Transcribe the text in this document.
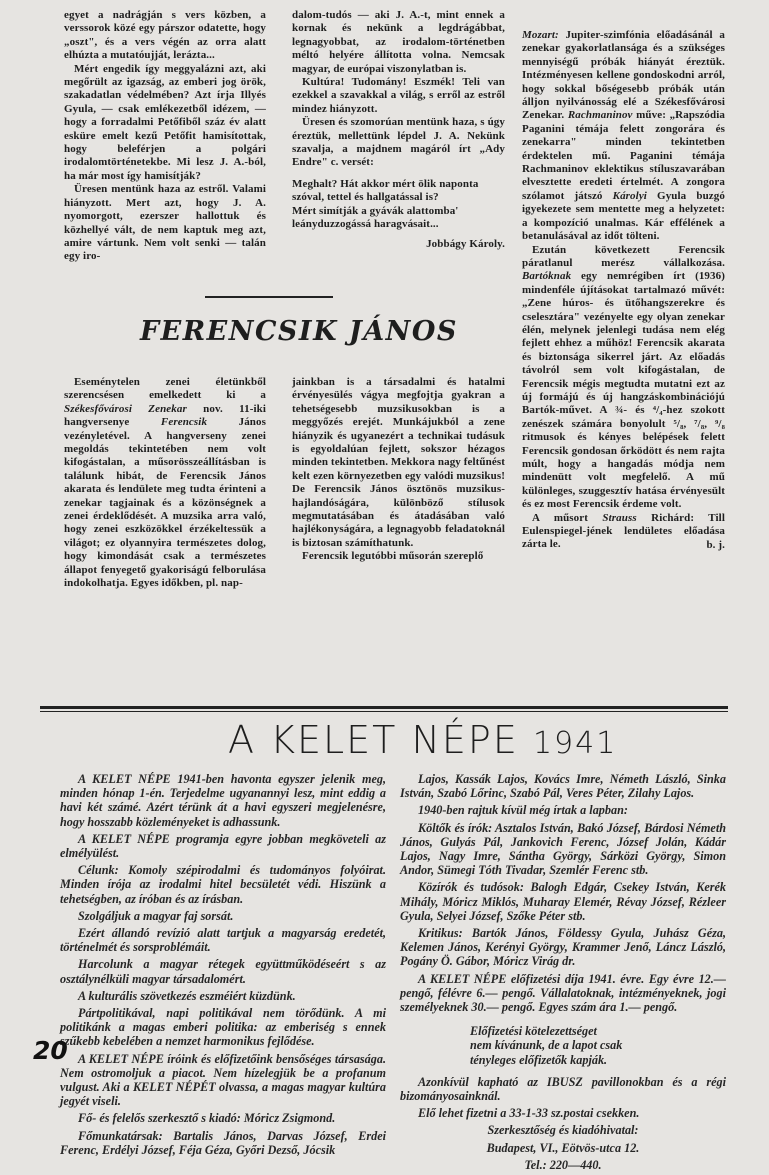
egyet a nadrágján s vers közben, a verssorok közé egy párszor odatette, hogy „oszt", és a vers végén az orra alatt elhúzta a mutatóujját, lerázta...

Mért engedik így meggyalázni azt, aki megőrült az igazság, az emberi jog örök, szakadatlan védelmében? Azt írja Illyés Gyula, — csak emlékezetből idézem, — hogy a forradalmi Petőfiből száz év alatt esküre emelt kezű Petőfit hamisítottak, hogy beleférjen a polgári irodalomtörténetekbe. Mi lesz J. A.-ból, ha már most így hamisítják?

Üresen mentünk haza az estről. Valami hiányzott. Mert azt, hogy J. A. nyomorgott, ezerszer hallottuk és közhellyé vált, de nem kaptuk meg azt, amire vártunk. Nem volt senki — talán egy iro-

dalom-tudós — aki J. A.-t, mint ennek a kornak és nekünk a legdrágábbat, legnagyobbat, az irodalom-történetben méltó helyére állította volna. Nemcsak magyar, de európai viszonylatban is.

Kultúra! Tudomány! Eszmék! Teli van ezekkel a szavakkal a világ, s erről az estről mindez hiányzott.

Üresen és szomorúan mentünk haza, s úgy éreztük, mellettünk lépdel J. A. Nekünk szavalja, a majdnem magáról írt „Ady Endre" c. versét:

Meghalt? Hát akkor mért ölik naponta
szóval, tettel és hallgatással is?
Mért simítják a gyávák alattomba'
leányduzzogássá haragvásait...
Jobbágy Károly.
FERENCSIK JÁNOS

Eseménytelen zenei életünkből szerencsésen emelkedett ki a Székesfővárosi Zenekar nov. 11-iki hangversenye Ferencsik János vezényletével. A hangverseny zenei megoldás tekintetében nem volt kifogástalan, a műsorösszeállításban is találunk hibát, de Ferencsik János akarata és lendülete meg tudta érinteni a zenekar tagjainak és a közönségnek a zenei érdeklődését. A muzsika arra való, hogy zenei eszközökkel érzékeltessük a világot; ez olyannyira természetes dolog, hogy kimondását csak a természetes állapot fenyegető gyakoriságú felborulása indokolhatja. Egyes időkben, pl. nap-

jainkban is a társadalmi és hatalmi érvényesülés vágya megfojtja gyakran a tehetségesebb muzsikusokban is a meggyőzés erejét. Munkájukból a zene hiányzik és ugyanezért a technikai tudásuk is egyoldalúan fejlett, sokszor hézagos minden tekintetben. Mekkora nagy feltűnést kelt ezen környezetben egy valódi muzsikus! De Ferencsik János ösztönös muzsikus-hajlandóságára, különböző stílusok megmutatásában és átadásában való hajlékonyságára, a legnagyobb feladatoknál is biztosan számíthatunk.

Ferencsik legutóbbi műsorán szereplő

Mozart: Jupiter-szimfónia előadásánál a zenekar gyakorlatlansága és a szükséges mennyiségű próbák hiányát éreztük. Intézményesen kellene gondoskodni arról, hogy sokkal bőségesebb próbák után álljon nyilvánosság elé a Székesfővárosi Zenekar. Rachmaninov műve: „Rapszódia Paganini témája felett zongorára és zenekarra" minden tekintetben érdektelen mű. Paganini témája Rachmaninov eklektikus stíluszavarában elvesztette eredeti értelmét. A zongora szólamot játszó Károlyi Gyula buzgó igyekezete sem mentette meg a helyzetet: a kompozíció unalmas. Kár effélének a betanulásával az időt tölteni.

Ezután következett Ferencsik páratlanul merész vállalkozása. Bartóknak egy nemrégiben írt (1936) mindenféle újításokat tartalmazó művét: „Zene húros- és ütőhangszerekre és cselesztára" vezényelte egy olyan zenekar élén, melynek jelenlegi tudása nem elég fejlett ehhez a műhöz! Ferencsik akarata és biztonsága sikerrel járt. Az előadás távolról sem volt kifogástalan, de Ferencsik mégis megtudta mutatni ezt az új formájú és új hangzáskombinációjú Bartók-művet. A ¾- és ⁴/₄-hez szokott zenészek számára bonyolult ⁵/₈, ⁷/₈, ⁹/₈ ritmusok és kényes belépések felett Ferencsik gondosan őrködött és nem rajta múlt, hogy a hangadás módja nem mindenütt volt megfelelő. A mű különleges, szuggesztív hatása érvényesült és ez most Ferencsik érdeme volt.

A műsort Strauss Richárd: Till Eulenspiegel-jének lendületes előadása zárta le.	b. j.
A KELET NÉPE 1941

A KELET NÉPE 1941-ben havonta egyszer jelenik meg, minden hónap 1-én. Terjedelme ugyanannyi lesz, mint eddig a havi két számé. Azért térünk át a havi egyszeri megjelenésre, hogy hosszabb közleményeket is adhassunk.

A KELET NÉPE programja egyre jobban megköveteli az elmélyülést.

Célunk: Komoly szépirodalmi és tudományos folyóirat. Minden írója az irodalmi hitel becsületét védi. Hiszünk a tehetségben, az íróban és az írásban.

Szolgáljuk a magyar faj sorsát.

Ezért állandó revízió alatt tartjuk a magyarság eredetét, történelmét és sorsproblémáit.

Harcolunk a magyar rétegek együttműködéseért s az osztálynélküli magyar társadalomért.

A kulturális szövetkezés eszméiért küzdünk.

Pártpolitikával, napi politikával nem törődünk. A mi politikánk a magas emberi politika: az emberiség s ennek szűkebb kebelében a nemzet harmonikus fejlődése.

A KELET NÉPE íróink és előfizetőink bensőséges társasága. Nem ostromoljuk a piacot. Nem hízelegjük be a profanum vulgust. Aki a KELET NÉPÉT olvassa, a magas magyar kultúra jegyét viseli.

Fő- és felelős szerkesztő s kiadó: Móricz Zsigmond.

Főmunkatársak: Bartalis János, Darvas József, Erdei Ferenc, Erdélyi József, Féja Géza, Győri Dezső, Jócsik

Lajos, Kassák Lajos, Kovács Imre, Németh László, Sinka István, Szabó Lőrinc, Szabó Pál, Veres Péter, Zilahy Lajos.

1940-ben rajtuk kívül még írtak a lapban:

Költők és írók: Asztalos István, Bakó József, Bárdosi Németh János, Gulyás Pál, Jankovich Ferenc, József Jolán, Kádár Lajos, Nagy Imre, Sántha György, Sárközi György, Simon Andor, Sümegi Tóth Tivadar, Szemlér Ferenc stb.

Közírók és tudósok: Balogh Edgár, Csekey István, Kerék Mihály, Móricz Miklós, Muharay Elemér, Révay József, Rézleer Gyula, Selyei József, Szőke Péter stb.

Kritikus: Bartók János, Földessy Gyula, Juhász Géza, Kelemen János, Kerényi György, Krammer Jenő, Láncz László, Pogány Ö. Gábor, Móricz Virág dr.

A KELET NÉPE előfizetési díja 1941. évre. Egy évre 12.— pengő, félévre 6.— pengő. Vállalatoknak, intézményeknek, jogi személyeknek 30.— pengő. Egyes szám ára 1.— pengő.

Előfizetési kötelezettséget
nem kívánunk, de a lapot csak
tényleges előfizetők kapják.

Azonkívül kapható az IBUSZ pavillonokban és a régi bizományosainknál.

Elő lehet fizetni a 33-1-33 sz.postai csekken.

Szerkesztőség és kiadóhivatal:

Budapest, VI., Eötvös-utca 12.

Tel.: 220—440.

20
